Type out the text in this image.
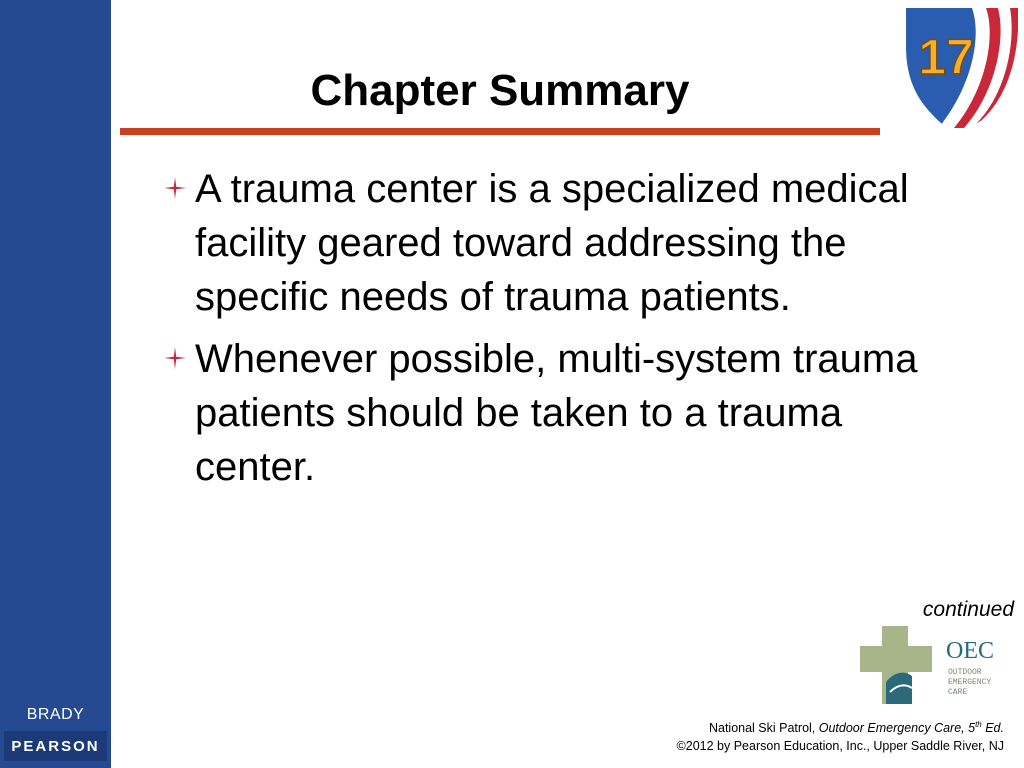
BRADY
PEARSON
Chapter Summary
17
A trauma center is a specialized medical facility geared toward addressing the specific needs of trauma patients.
Whenever possible, multi-system trauma patients should be taken to a trauma center.
continued
OEC
OUTDOOR
EMERGENCY
CARE
National Ski Patrol, Outdoor Emergency Care, 5th Ed.
©2012 by Pearson Education, Inc., Upper Saddle River, NJ
